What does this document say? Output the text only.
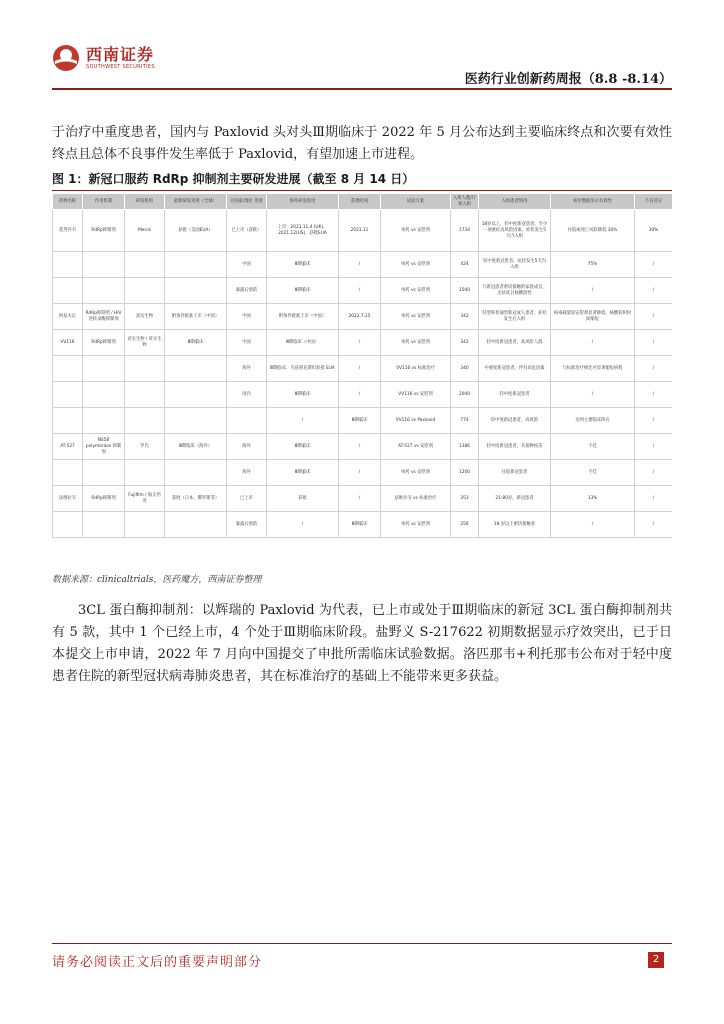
西南证券
SOUTHWEST SECURITIES
医药行业创新药周报（8.8 -8.14）

于治疗中重度患者，国内与 Paxlovid 头对头Ⅲ期临床于 2022 年 5 月公布达到主要临床终点和次要有效性终点且总体不良事件发生率低于 Paxlovid，有望加速上市进程。

图 1：新冠口服药 RdRp 抑制剂主要研发进展（截至 8 月 14 日）
药物名称	作用机制	研发机构	最新研发进度（全球）	分国家/地区 进度	海外研发进度	获批时间	试验方案	入组人数/计划入组	入组患者情况	初步数据显示有效性	不良反应
莫努匹韦	RdRp抑制剂	Merck	获批（美国EUA）	已上市（获批）	上市：2021.11.4 (UK)，2021.12(US)，获批EUA	2021.11	单药 vs 安慰剂	1734	18岁以上，轻中度新冠患者，至少一项重症高风险因素，症状发生5天内入组	住院或死亡风险降低 30%	30%
				中国	Ⅲ期临床	/	单药 vs 安慰剂	424	轻中度新冠患者，症状发生5天内入组	75%	/
				暴露后预防	Ⅲ期临床	/	单药 vs 安慰剂	1500	与新冠患者密切接触的家庭成员，无症状且核酸阴性	/	/
阿兹夫定	RdRp抑制剂 / HIV逆转录酶抑制剂	真实生物	附条件批准上市（中国）	中国	附条件批准上市（中国）	2022.7.25	单药 vs 安慰剂	342	轻型和普通型新冠成人患者，症状发生后入组	病毒载量较安慰剂显著降低，核酸转阴时间缩短	/
VV116	RdRp抑制剂	君实生物 / 旺实生物	Ⅲ期临床	中国	Ⅲ期临床（中国）	/	单药 vs 安慰剂	342	轻中度新冠患者，高风险人群	/	/
				海外	Ⅲ期临床，乌兹别克斯坦获批 EUA	/	VV116 vs 标准治疗	340	中重度新冠患者，伴有高危因素	与标准治疗相比可显著缩短病程	/
				国内	Ⅲ期临床	/	VV116 vs 安慰剂	2000	轻中度新冠患者	/	/
					/	Ⅲ期临床	VV116 vs Paxlovid	774	轻中度新冠患者，高风险	达到主要临床终点	/
AT-527	NS5B polymerase 抑制剂	罗氏	Ⅲ期临床（海外）	海外	Ⅲ期临床	/	AT-527 vs 安慰剂	1386	轻中度新冠患者，未接种疫苗	不佳	/
				海外	Ⅲ期临床	/	单药 vs 安慰剂	1200	住院新冠患者	不佳	/
法维拉韦	RdRp抑制剂	Fujifilm / 海正药业	获批（日本、俄罗斯等）	已上市	获批	/	法维拉韦 vs 标准治疗	353	21-80岁，新冠患者	13%	/
				暴露后预防	/	Ⅲ期临床	单药 vs 安慰剂	256	18 岁以上密切接触者	/	/
数据来源：clinicaltrials，医药魔方，西南证券整理

3CL 蛋白酶抑制剂：以辉瑞的 Paxlovid 为代表，已上市或处于Ⅲ期临床的新冠 3CL 蛋白酶抑制剂共有 5 款，其中 1 个已经上市，4 个处于Ⅲ期临床阶段。盐野义 S-217622 初期数据显示疗效突出，已于日本提交上市申请，2022 年 7 月向中国提交了申批所需临床试验数据。洛匹那韦+利托那韦公布对于轻中度患者住院的新型冠状病毒肺炎患者，其在标准治疗的基础上不能带来更多获益。

请务必阅读正文后的重要声明部分	2
